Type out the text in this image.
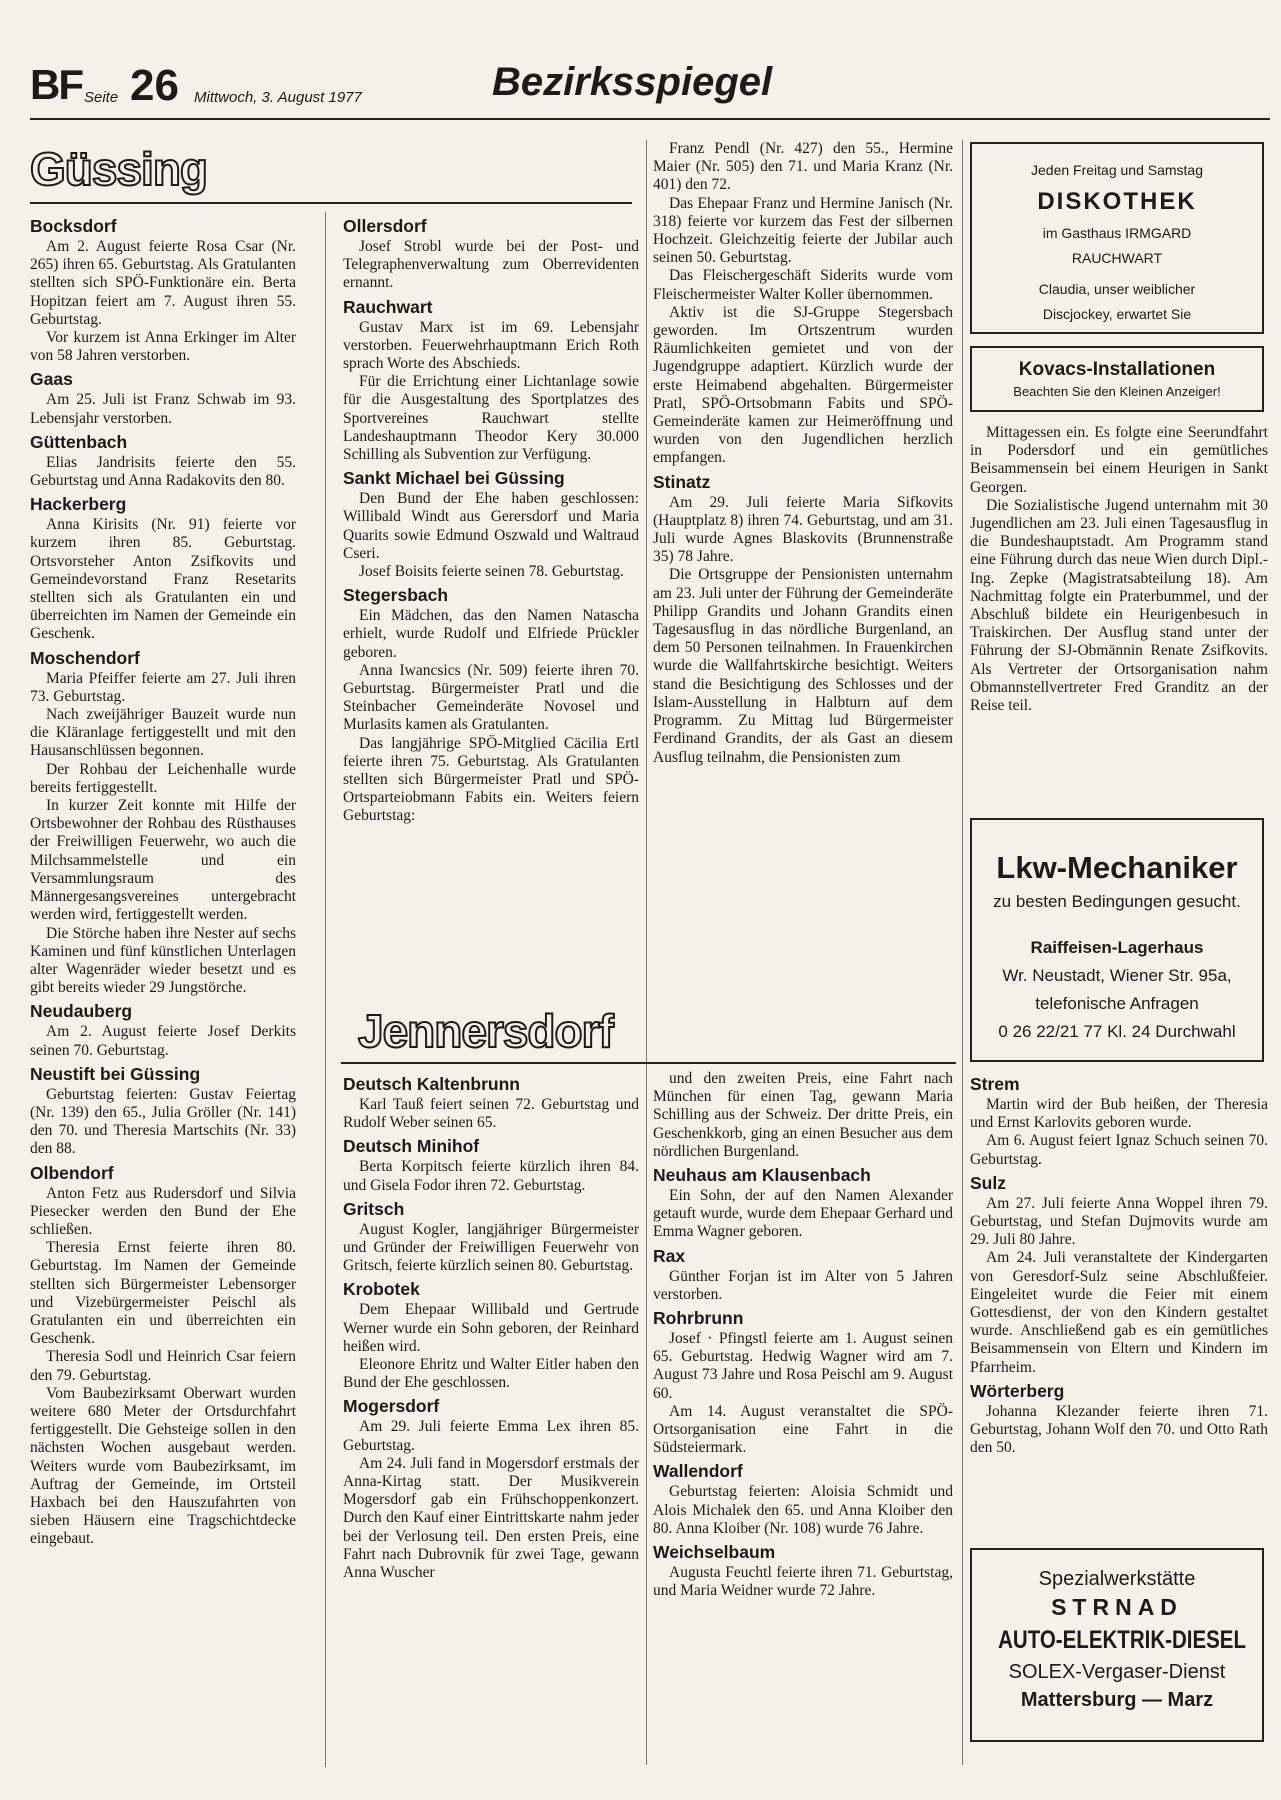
BF Seite 26 Mittwoch, 3. August 1977	Bezirksspiegel
Güssing
Bocksdorf

Am 2. August feierte Rosa Csar (Nr. 265) ihren 65. Geburtstag. Als Gratulanten stellten sich SPÖ-Funktionäre ein. Berta Hopitzan feiert am 7. August ihren 55. Geburtstag.

Vor kurzem ist Anna Erkinger im Alter von 58 Jahren verstorben.

Gaas

Am 25. Juli ist Franz Schwab im 93. Lebensjahr verstorben.

Güttenbach

Elias Jandrisits feierte den 55. Geburtstag und Anna Radakovits den 80.

Hackerberg

Anna Kirisits (Nr. 91) feierte vor kurzem ihren 85. Geburtstag. Ortsvorsteher Anton Zsifkovits und Gemeindevorstand Franz Resetarits stellten sich als Gratulanten ein und überreichten im Namen der Gemeinde ein Geschenk.

Moschendorf

Maria Pfeiffer feierte am 27. Juli ihren 73. Geburtstag.

Nach zweijähriger Bauzeit wurde nun die Kläranlage fertiggestellt und mit den Hausanschlüssen begonnen.

Der Rohbau der Leichenhalle wurde bereits fertiggestellt.

In kurzer Zeit konnte mit Hilfe der Ortsbewohner der Rohbau des Rüsthauses der Freiwilligen Feuerwehr, wo auch die Milchsammelstelle und ein Versammlungsraum des Männergesangsvereines untergebracht werden wird, fertiggestellt werden.

Die Störche haben ihre Nester auf sechs Kaminen und fünf künstlichen Unterlagen alter Wagenräder wieder besetzt und es gibt bereits wieder 29 Jungstörche.

Neudauberg

Am 2. August feierte Josef Derkits seinen 70. Geburtstag.

Neustift bei Güssing

Geburtstag feierten: Gustav Feiertag (Nr. 139) den 65., Julia Gröller (Nr. 141) den 70. und Theresia Martschits (Nr. 33) den 88.

Olbendorf

Anton Fetz aus Rudersdorf und Silvia Piesecker werden den Bund der Ehe schließen.

Theresia Ernst feierte ihren 80. Geburtstag. Im Namen der Gemeinde stellten sich Bürgermeister Lebensorger und Vizebürgermeister Peischl als Gratulanten ein und überreichten ein Geschenk.

Theresia Sodl und Heinrich Csar feiern den 79. Geburtstag.

Vom Baubezirksamt Oberwart wurden weitere 680 Meter der Ortsdurchfahrt fertiggestellt. Die Gehsteige sollen in den nächsten Wochen ausgebaut werden. Weiters wurde vom Baubezirksamt, im Auftrag der Gemeinde, im Ortsteil Haxbach bei den Hauszufahrten von sieben Häusern eine Tragschichtdecke eingebaut.

Ollersdorf

Josef Strobl wurde bei der Post- und Telegraphenverwaltung zum Oberrevidenten ernannt.

Rauchwart

Gustav Marx ist im 69. Lebensjahr verstorben. Feuerwehrhauptmann Erich Roth sprach Worte des Abschieds.

Für die Errichtung einer Lichtanlage sowie für die Ausgestaltung des Sportplatzes des Sportvereines Rauchwart stellte Landeshauptmann Theodor Kery 30.000 Schilling als Subvention zur Verfügung.

Sankt Michael bei Güssing

Den Bund der Ehe haben geschlossen: Willibald Windt aus Gerersdorf und Maria Quarits sowie Edmund Oszwald und Waltraud Cseri.

Josef Boisits feierte seinen 78. Geburtstag.

Stegersbach

Ein Mädchen, das den Namen Natascha erhielt, wurde Rudolf und Elfriede Prückler geboren.

Anna Iwancsics (Nr. 509) feierte ihren 70. Geburtstag. Bürgermeister Pratl und die Steinbacher Gemeinderäte Novosel und Murlasits kamen als Gratulanten.

Das langjährige SPÖ-Mitglied Cäcilia Ertl feierte ihren 75. Geburtstag. Als Gratulanten stellten sich Bürgermeister Pratl und SPÖ-Ortsparteiobmann Fabits ein. Weiters feiern Geburtstag:

Franz Pendl (Nr. 427) den 55., Hermine Maier (Nr. 505) den 71. und Maria Kranz (Nr. 401) den 72.

Das Ehepaar Franz und Hermine Janisch (Nr. 318) feierte vor kurzem das Fest der silbernen Hochzeit. Gleichzeitig feierte der Jubilar auch seinen 50. Geburtstag.

Das Fleischergeschäft Siderits wurde vom Fleischermeister Walter Koller übernommen.

Aktiv ist die SJ-Gruppe Stegersbach geworden. Im Ortszentrum wurden Räumlichkeiten gemietet und von der Jugendgruppe adaptiert. Kürzlich wurde der erste Heimabend abgehalten. Bürgermeister Pratl, SPÖ-Ortsobmann Fabits und SPÖ-Gemeinderäte kamen zur Heimeröffnung und wurden von den Jugendlichen herzlich empfangen.

Stinatz

Am 29. Juli feierte Maria Sifkovits (Hauptplatz 8) ihren 74. Geburtstag, und am 31. Juli wurde Agnes Blaskovits (Brunnenstraße 35) 78 Jahre.

Die Ortsgruppe der Pensionisten unternahm am 23. Juli unter der Führung der Gemeinderäte Philipp Grandits und Johann Grandits einen Tagesausflug in das nördliche Burgenland, an dem 50 Personen teilnahmen. In Frauenkirchen wurde die Wallfahrtskirche besichtigt. Weiters stand die Besichtigung des Schlosses und der Islam-Ausstellung in Halbturn auf dem Programm. Zu Mittag lud Bürgermeister Ferdinand Grandits, der als Gast an diesem Ausflug teilnahm, die Pensionisten zum

Mittagessen ein. Es folgte eine Seerundfahrt in Podersdorf und ein gemütliches Beisammensein bei einem Heurigen in Sankt Georgen.

Die Sozialistische Jugend unternahm mit 30 Jugendlichen am 23. Juli einen Tagesausflug in die Bundeshauptstadt. Am Programm stand eine Führung durch das neue Wien durch Dipl.-Ing. Zepke (Magistratsabteilung 18). Am Nachmittag folgte ein Praterbummel, und der Abschluß bildete ein Heurigenbesuch in Traiskirchen. Der Ausflug stand unter der Führung der SJ-Obmännin Renate Zsifkovits. Als Vertreter der Ortsorganisation nahm Obmannstellvertreter Fred Granditz an der Reise teil.

Jennersdorf
Deutsch Kaltenbrunn

Karl Tauß feiert seinen 72. Geburtstag und Rudolf Weber seinen 65.

Deutsch Minihof

Berta Korpitsch feierte kürzlich ihren 84. und Gisela Fodor ihren 72. Geburtstag.

Gritsch

August Kogler, langjähriger Bürgermeister und Gründer der Freiwilligen Feuerwehr von Gritsch, feierte kürzlich seinen 80. Geburtstag.

Krobotek

Dem Ehepaar Willibald und Gertrude Werner wurde ein Sohn geboren, der Reinhard heißen wird.

Eleonore Ehritz und Walter Eitler haben den Bund der Ehe geschlossen.

Mogersdorf

Am 29. Juli feierte Emma Lex ihren 85. Geburtstag.

Am 24. Juli fand in Mogersdorf erstmals der Anna-Kirtag statt. Der Musikverein Mogersdorf gab ein Frühschoppenkonzert. Durch den Kauf einer Eintrittskarte nahm jeder bei der Verlosung teil. Den ersten Preis, eine Fahrt nach Dubrovnik für zwei Tage, gewann Anna Wuscher

und den zweiten Preis, eine Fahrt nach München für einen Tag, gewann Maria Schilling aus der Schweiz. Der dritte Preis, ein Geschenkkorb, ging an einen Besucher aus dem nördlichen Burgenland.

Neuhaus am Klausenbach

Ein Sohn, der auf den Namen Alexander getauft wurde, wurde dem Ehepaar Gerhard und Emma Wagner geboren.

Rax

Günther Forjan ist im Alter von 5 Jahren verstorben.

Rohrbrunn

Josef · Pfingstl feierte am 1. August seinen 65. Geburtstag. Hedwig Wagner wird am 7. August 73 Jahre und Rosa Peischl am 9. August 60.

Am 14. August veranstaltet die SPÖ-Ortsorganisation eine Fahrt in die Südsteiermark.

Wallendorf

Geburtstag feierten: Aloisia Schmidt und Alois Michalek den 65. und Anna Kloiber den 80. Anna Kloiber (Nr. 108) wurde 76 Jahre.

Weichselbaum

Augusta Feuchtl feierte ihren 71. Geburtstag, und Maria Weidner wurde 72 Jahre.

Strem

Martin wird der Bub heißen, der Theresia und Ernst Karlovits geboren wurde.

Am 6. August feiert Ignaz Schuch seinen 70. Geburtstag.

Sulz

Am 27. Juli feierte Anna Woppel ihren 79. Geburtstag, und Stefan Dujmovits wurde am 29. Juli 80 Jahre.

Am 24. Juli veranstaltete der Kindergarten von Geresdorf-Sulz seine Abschlußfeier. Eingeleitet wurde die Feier mit einem Gottesdienst, der von den Kindern gestaltet wurde. Anschließend gab es ein gemütliches Beisammensein von Eltern und Kindern im Pfarrheim.

Wörterberg

Johanna Klezander feierte ihren 71. Geburtstag, Johann Wolf den 70. und Otto Rath den 50.

Jeden Freitag und Samstag
DISKOTHEK
im Gasthaus IRMGARD
RAUCHWART
Claudia, unser weiblicher
Discjockey, erwartet Sie
Kovacs-Installationen
Beachten Sie den Kleinen Anzeiger!
Lkw-Mechaniker
zu besten Bedingungen gesucht.
Raiffeisen-Lagerhaus
Wr. Neustadt, Wiener Str. 95a,
telefonische Anfragen
0 26 22/21 77 Kl. 24 Durchwahl
Spezialwerkstätte
STRNAD
AUTO-ELEKTRIK-DIESEL
SOLEX-Vergaser-Dienst
Mattersburg — Marz
